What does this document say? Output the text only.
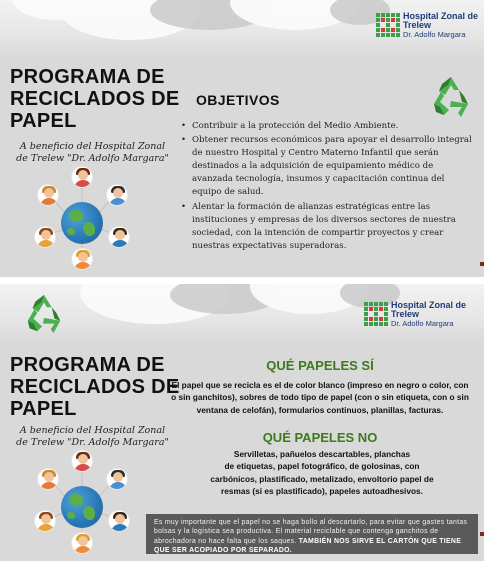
Hospital Zonal de Trelew
Dr. Adolfo Margara
PROGRAMA DE
RECICLADOS DE
PAPEL
A beneficio del Hospital Zonal
de Trelew "Dr. Adolfo Margara"
OBJETIVOS
• Contribuir a la protección del Medio Ambiente.
• Obtener recursos económicos para apoyar el desarrollo integral de nuestro Hospital y Centro Materno Infantil que serán destinados a la adquisición de equipamiento médico de avanzada tecnología, insumos y capacitación continua del equipo de salud.
• Alentar la formación de alianzas estratégicas entre las instituciones y empresas de los diversos sectores de nuestra sociedad, con la intención de compartir proyectos y crear nuestras expectativas superadoras.
Hospital Zonal de Trelew
Dr. Adolfo Margara
PROGRAMA DE
RECICLADOS DE
PAPEL
A beneficio del Hospital Zonal
de Trelew "Dr. Adolfo Margara"
QUÉ PAPELES SÍ
El papel que se recicla es el de color blanco (impreso en negro o color, con
o sin ganchitos), sobres de todo tipo de papel (con o sin etiqueta, con o sin
ventana de celofán), formularios continuos, planillas, facturas.
QUÉ PAPELES NO
Servilletas, pañuelos descartables, planchas
de etiquetas, papel fotográfico, de golosinas, con
carbónicos, plastificado, metalizado, envoltorio papel de
resmas (si es plastificado), papeles autoadhesivos.
Es muy importante que el papel no se haga bollo al descartarlo, para evitar que gastes tantas bolsas y la logística sea productiva. El material reciclable que contenga ganchitos de abrochadora no hace falta que los saques. TAMBIÉN NOS SIRVE EL CARTÓN QUE TIENE QUE SER ACOPIADO POR SEPARADO.
